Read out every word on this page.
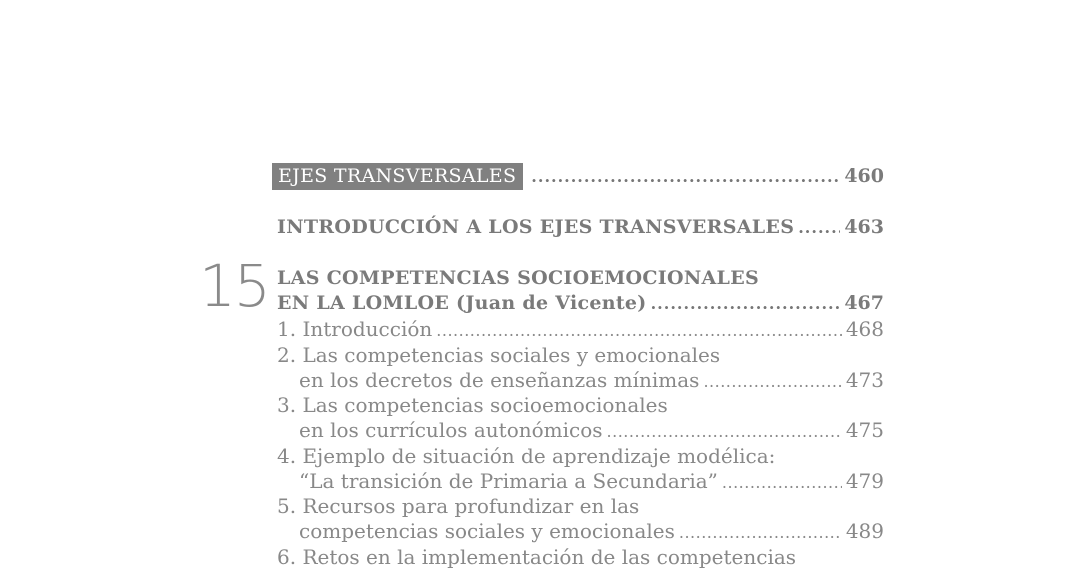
EJES TRANSVERSALES .....	460
INTRODUCCIÓN A LOS EJES TRANSVERSALES .....	463
15 LAS COMPETENCIAS SOCIOEMOCIONALES
EN LA LOMLOE (Juan de Vicente) .....	467
1. Introducción .....	468
2. Las competencias sociales y emocionales
en los decretos de enseñanzas mínimas .....	473
3. Las competencias socioemocionales
en los currículos autonómicos .....	475
4. Ejemplo de situación de aprendizaje modélica:
“La transición de Primaria a Secundaria” .....	479
5. Recursos para profundizar en las
competencias sociales y emocionales .....	489
6. Retos en la implementación de las competencias
